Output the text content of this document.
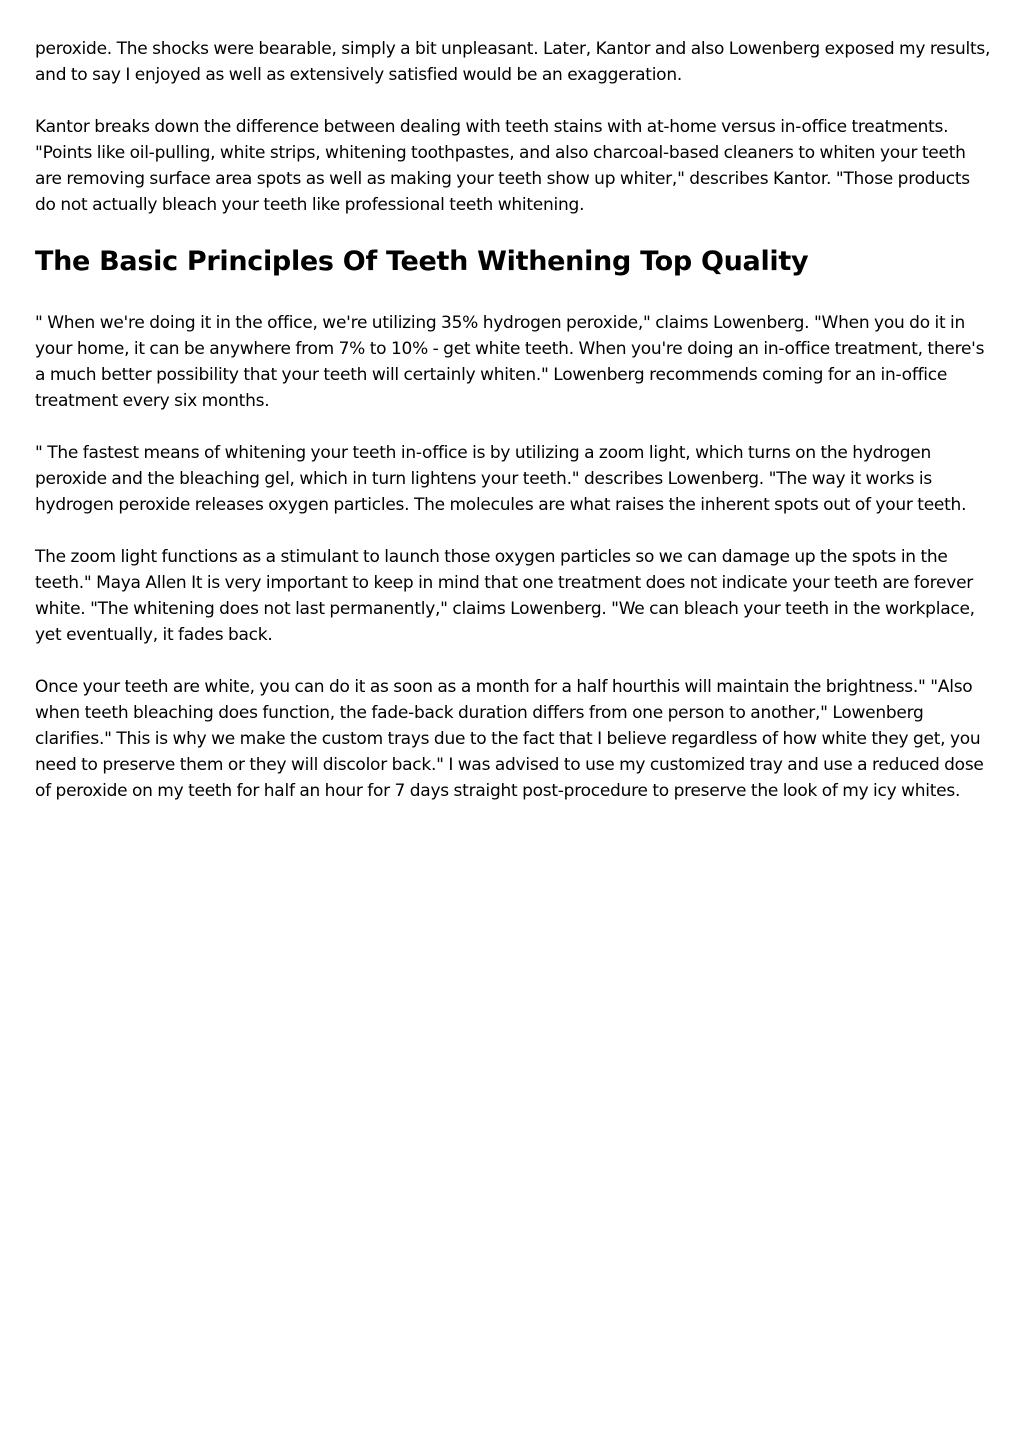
peroxide. The shocks were bearable, simply a bit unpleasant. Later, Kantor and also Lowenberg exposed my results, and to say I enjoyed as well as extensively satisfied would be an exaggeration.

Kantor breaks down the difference between dealing with teeth stains with at-home versus in-office treatments. "Points like oil-pulling, white strips, whitening toothpastes, and also charcoal-based cleaners to whiten your teeth are removing surface area spots as well as making your teeth show up whiter," describes Kantor. "Those products do not actually bleach your teeth like professional teeth whitening.

The Basic Principles Of Teeth Withening Top Quality

" When we're doing it in the office, we're utilizing 35% hydrogen peroxide," claims Lowenberg. "When you do it in your home, it can be anywhere from 7% to 10% - get white teeth. When you're doing an in-office treatment, there's a much better possibility that your teeth will certainly whiten." Lowenberg recommends coming for an in-office treatment every six months.

" The fastest means of whitening your teeth in-office is by utilizing a zoom light, which turns on the hydrogen peroxide and the bleaching gel, which in turn lightens your teeth." describes Lowenberg. "The way it works is hydrogen peroxide releases oxygen particles. The molecules are what raises the inherent spots out of your teeth.

The zoom light functions as a stimulant to launch those oxygen particles so we can damage up the spots in the teeth." Maya Allen It is very important to keep in mind that one treatment does not indicate your teeth are forever white. "The whitening does not last permanently," claims Lowenberg. "We can bleach your teeth in the workplace, yet eventually, it fades back.

Once your teeth are white, you can do it as soon as a month for a half hourthis will maintain the brightness." "Also when teeth bleaching does function, the fade-back duration differs from one person to another," Lowenberg clarifies." This is why we make the custom trays due to the fact that I believe regardless of how white they get, you need to preserve them or they will discolor back." I was advised to use my customized tray and use a reduced dose of peroxide on my teeth for half an hour for 7 days straight post-procedure to preserve the look of my icy whites.
